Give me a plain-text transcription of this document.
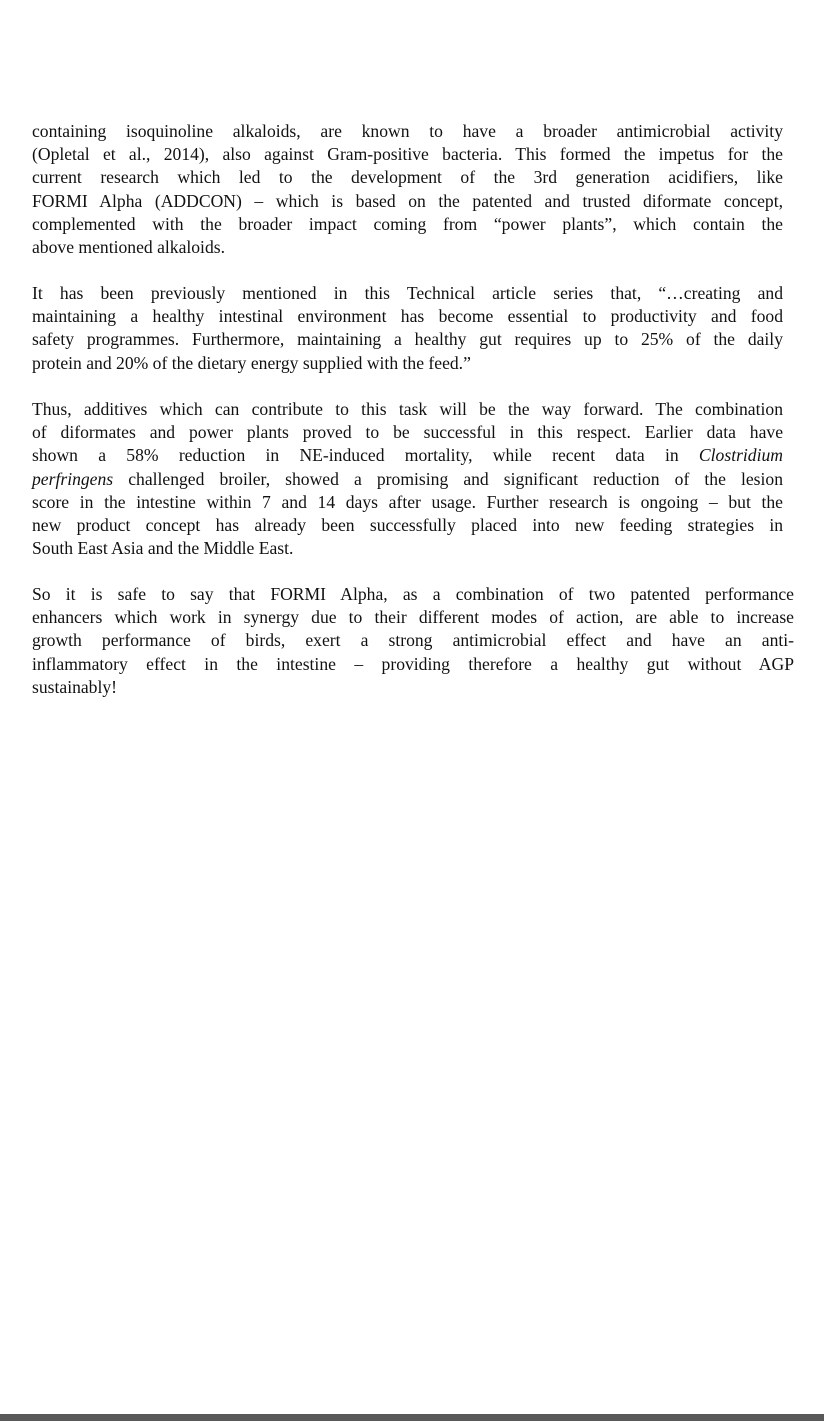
containing isoquinoline alkaloids, are known to have a broader antimicrobial activity
(Opletal et al., 2014), also against Gram-positive bacteria. This formed the impetus for the
current research which led to the development of the 3rd generation acidifiers, like
FORMI Alpha (ADDCON) – which is based on the patented and trusted diformate concept,
complemented with the broader impact coming from “power plants”, which contain the
above mentioned alkaloids.
It has been previously mentioned in this Technical article series that, “…creating and
maintaining a healthy intestinal environment has become essential to productivity and food
safety programmes. Furthermore, maintaining a healthy gut requires up to 25% of the daily
protein and 20% of the dietary energy supplied with the feed.”
Thus, additives which can contribute to this task will be the way forward. The combination
of diformates and power plants proved to be successful in this respect. Earlier data have
shown a 58% reduction in NE-induced mortality, while recent data in Clostridium
perfringens challenged broiler, showed a promising and significant reduction of the lesion
score in the intestine within 7 and 14 days after usage. Further research is ongoing – but the
new product concept has already been successfully placed into new feeding strategies in
South East Asia and the Middle East.
So it is safe to say that FORMI Alpha, as a combination of two patented performance
enhancers which work in synergy due to their different modes of action, are able to increase
growth performance of birds, exert a strong antimicrobial effect and have an anti-
inflammatory effect in the intestine – providing therefore a healthy gut without AGP
sustainably!
